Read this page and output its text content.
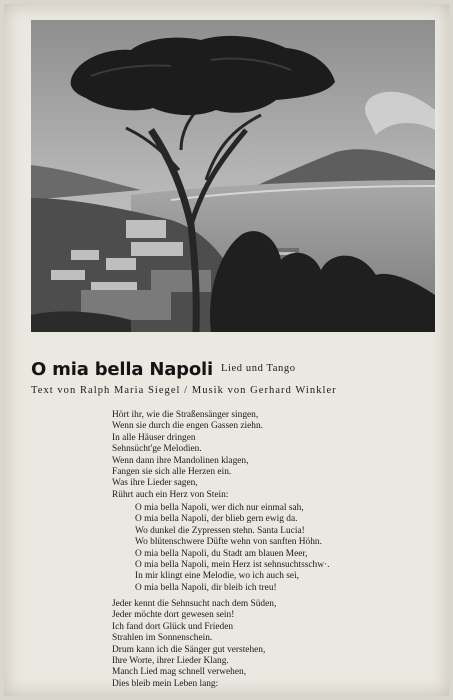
O mia bella Napoli Lied und Tango
Text von Ralph Maria Siegel / Musik von Gerhard Winkler
Hört ihr, wie die Straßensänger singen,
Wenn sie durch die engen Gassen ziehn.
In alle Häuser dringen
Sehnsücht'ge Melodien.
Wenn dann ihre Mandolinen klagen,
Fangen sie sich alle Herzen ein.
Was ihre Lieder sagen,
Rührt auch ein Herz von Stein:
O mia bella Napoli, wer dich nur einmal sah,
O mia bella Napoli, der blieb gern ewig da.
Wo dunkel die Zypressen stehn. Santa Lucia!
Wo blütenschwere Düfte wehn von sanften Höhn.
O mia bella Napoli, du Stadt am blauen Meer,
O mia bella Napoli, mein Herz ist sehnsuchtsschw·.
In mir klingt eine Melodie, wo ich auch sei,
O mia bella Napoli, dir bleib ich treu!
Jeder kennt die Sehnsucht nach dem Süden,
Jeder möchte dort gewesen sein!
Ich fand dort Glück und Frieden
Strahlen im Sonnenschein.
Drum kann ich die Sänger gut verstehen,
Ihre Worte, ihrer Lieder Klang.
Manch Lied mag schnell verwehen,
Dies bleib mein Leben lang:
